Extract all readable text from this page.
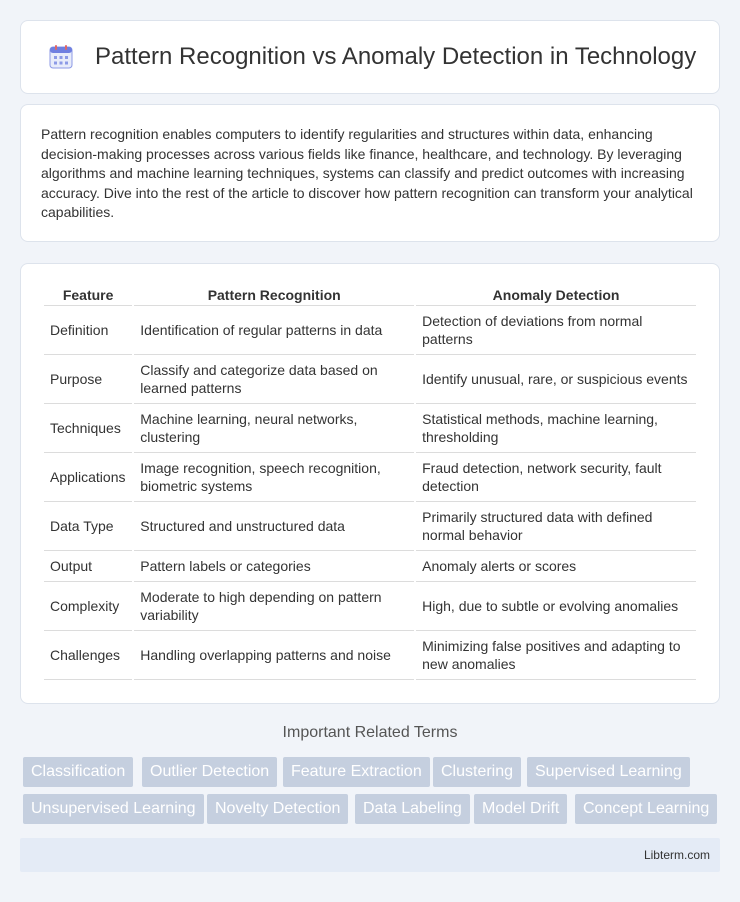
Pattern Recognition vs Anomaly Detection in Technology

Pattern recognition enables computers to identify regularities and structures within data, enhancing decision-making processes across various fields like finance, healthcare, and technology. By leveraging algorithms and machine learning techniques, systems can classify and predict outcomes with increasing accuracy. Dive into the rest of the article to discover how pattern recognition can transform your analytical capabilities.

Feature	Pattern Recognition	Anomaly Detection
Definition	Identification of regular patterns in data	Detection of deviations from normal patterns
Purpose	Classify and categorize data based on learned patterns	Identify unusual, rare, or suspicious events
Techniques	Machine learning, neural networks, clustering	Statistical methods, machine learning, thresholding
Applications	Image recognition, speech recognition, biometric systems	Fraud detection, network security, fault detection
Data Type	Structured and unstructured data	Primarily structured data with defined normal behavior
Output	Pattern labels or categories	Anomaly alerts or scores
Complexity	Moderate to high depending on pattern variability	High, due to subtle or evolving anomalies
Challenges	Handling overlapping patterns and noise	Minimizing false positives and adapting to new anomalies
Important Related Terms
Classification	Outlier Detection	Feature Extraction	Clustering	Supervised Learning
Unsupervised Learning	Novelty Detection	Data Labeling	Model Drift	Concept Learning
Libterm.com
